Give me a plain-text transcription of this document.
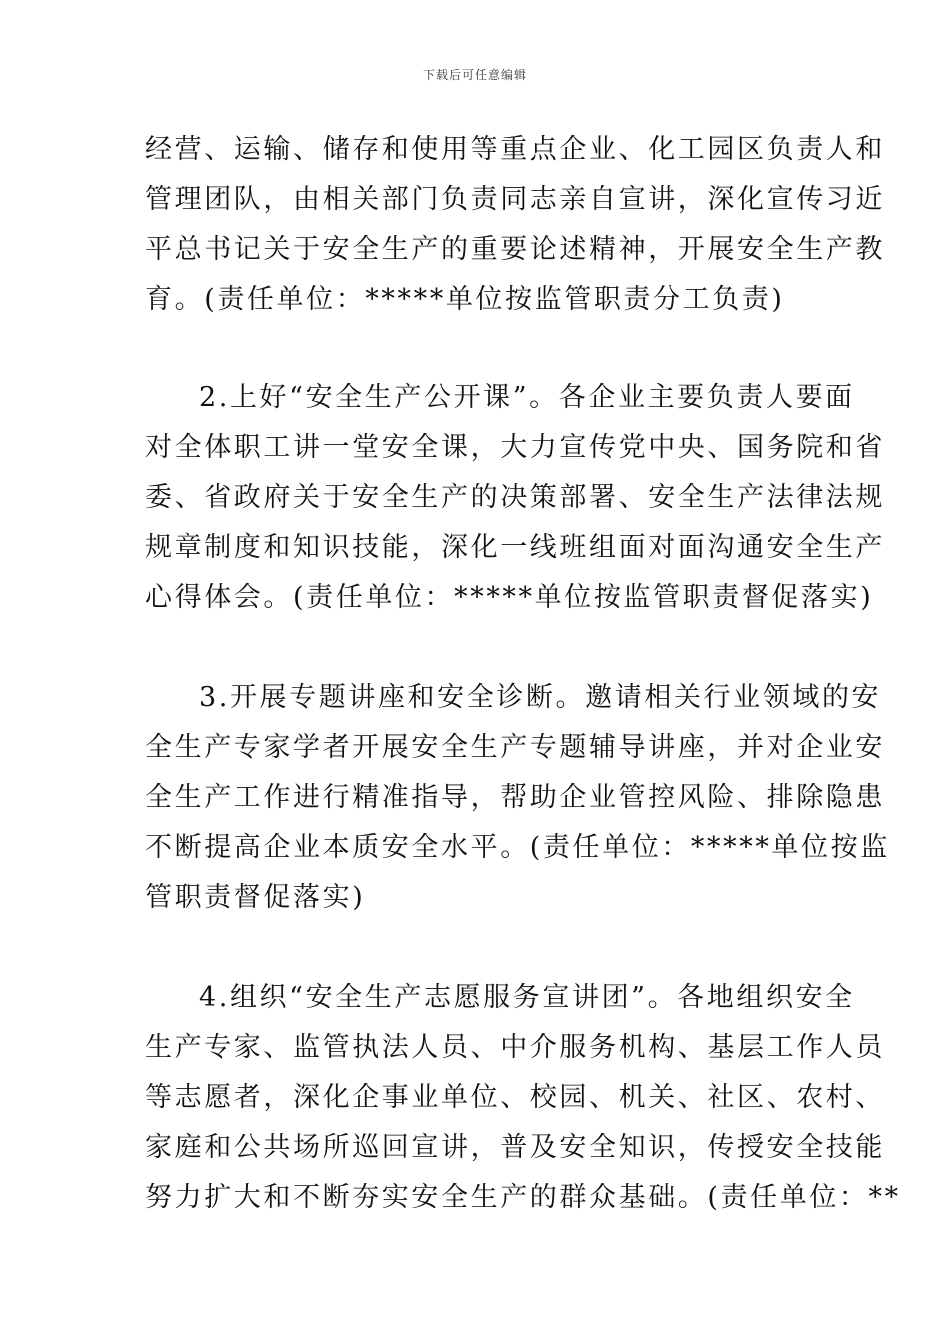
下载后可任意编辑
经营、运输、储存和使用等重点企业、化工园区负责人和
管理团队，由相关部门负责同志亲自宣讲，深化宣传习近
平总书记关于安全生产的重要论述精神，开展安全生产教
育。(责任单位：*****单位按监管职责分工负责)
2.上好“安全生产公开课”。各企业主要负责人要面
对全体职工讲一堂安全课，大力宣传党中央、国务院和省
委、省政府关于安全生产的决策部署、安全生产法律法规
规章制度和知识技能，深化一线班组面对面沟通安全生产
心得体会。(责任单位：*****单位按监管职责督促落实)
3.开展专题讲座和安全诊断。邀请相关行业领域的安
全生产专家学者开展安全生产专题辅导讲座，并对企业安
全生产工作进行精准指导，帮助企业管控风险、排除隐患
不断提高企业本质安全水平。(责任单位：*****单位按监
管职责督促落实)
4.组织“安全生产志愿服务宣讲团”。各地组织安全
生产专家、监管执法人员、中介服务机构、基层工作人员
等志愿者，深化企事业单位、校园、机关、社区、农村、
家庭和公共场所巡回宣讲，普及安全知识，传授安全技能
努力扩大和不断夯实安全生产的群众基础。(责任单位：**
